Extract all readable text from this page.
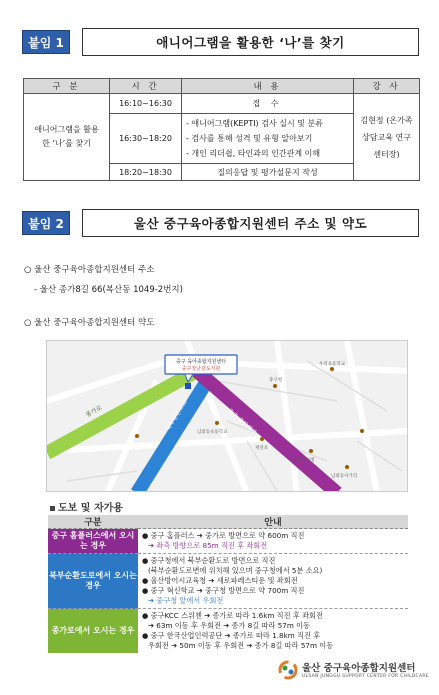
붙임 1	애니어그램을 활용한 ‘나’를 찾기
구 분	시 간	내 용	강 사
애니어그램을 활용한 ‘나’를 찾기	16:10~16:30	접 수	김현정 (온가족 상담교육 연구센터장)
	16:30~18:20	- 애니어그램(KEPTI) 검사 실시 및 분류
- 검사를 통해 성격 및 유형 알아보기
- 개인 리더쉽, 타인과의 인간관계 이해	

	18:20~18:30	질의응답 및 평가설문지 작성	
붙임 2	울산 중구육아종합지원센터 주소 및 약도
○ 울산 중구육아종합지원센터 주소
- 울산 종가8길 66(복산동 1049-2번지)
○ 울산 중구육아종합지원센터 약도
종가로	북부순환도로	중구 중앙회로
중구청
우리초등학교
남외동초등학교
재연초
울산중구청
남외동사거리
중구 육아종합지원센터
중구장난감도서관
도보 및 자가용
구분	안내
중구 홈플러스에서 오시는 경우	● 중구 홈플러스 ➔ 중가로 방면으로 약 600m 직진
➔ 좌측 방향으로 85m 직진 후 좌회전

북부순환도로에서 오시는 경우	● 중구청에서 북부순환도로 방면으로 직진
(북부순환도로변에 위치해 있으며 중구청에서 5분 소요)
● 울산방어시교육청 ➔ 새로파레스티운 및 좌회전
● 중구 혁신학교 ➔ 중구청 방면으로 약 700m 직진
➔ 중구청 앞에서 우회전

종가로에서 오시는 경우	● 중구KCC 스위첸 ➔ 종가로 따라 1.6km 직진 후 좌회전
➔ 63m 이동 후 우회전 ➔ 종가 8길 따라 57m 이동
● 중구 한국산업인력공단 ➔ 종가로 따라 1.8km 직진 후
우회전 ➔ 50m 이동 후 우회전 ➔ 종가 8길 따라 57m 이동
울산 중구육아종합지원센터
ULSAN JUNGGU SUPPORT CENTER FOR CHILDCARE
